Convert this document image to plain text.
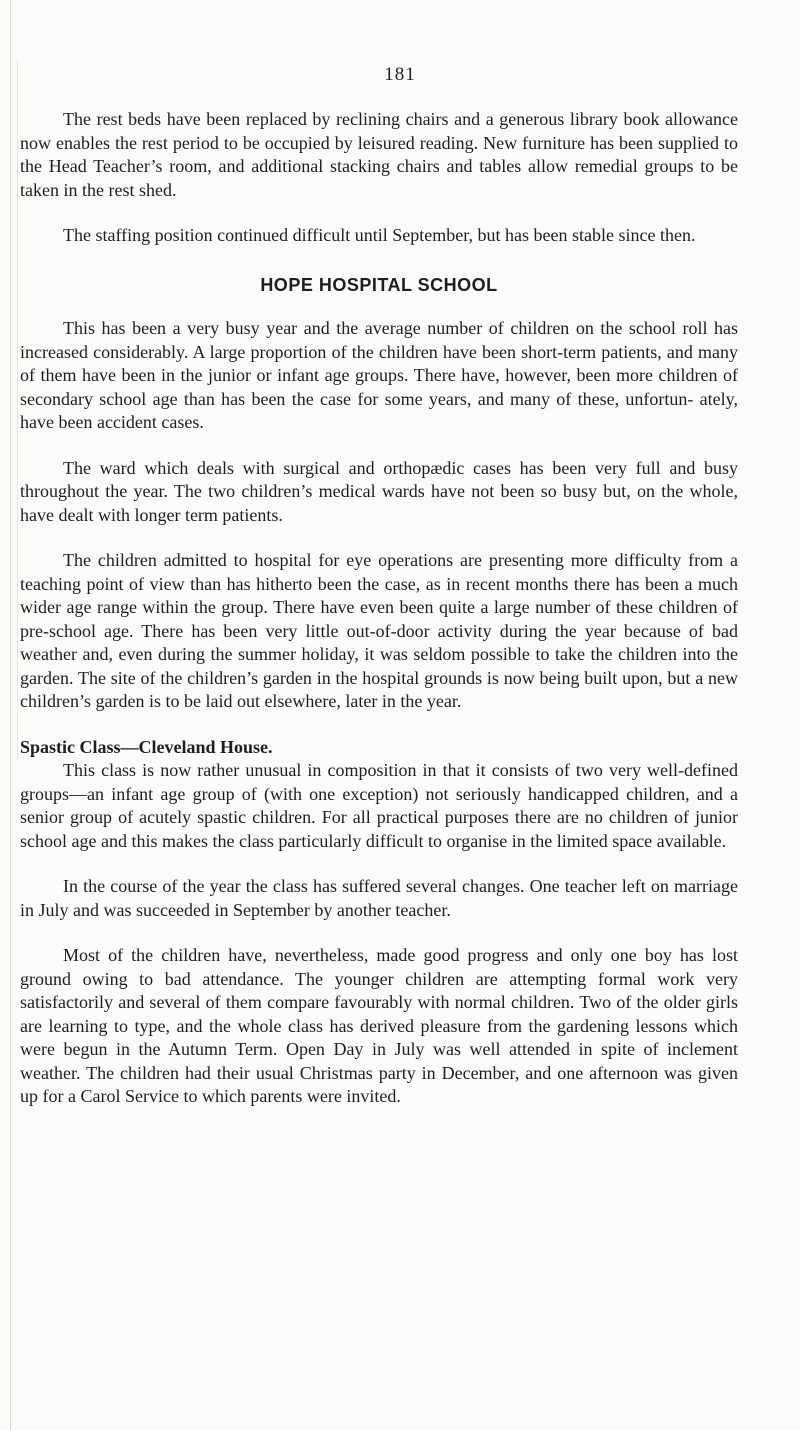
181

The rest beds have been replaced by reclining chairs and a generous library book allowance now enables the rest period to be occupied by leisured reading. New furniture has been supplied to the Head Teacher’s room, and additional stacking chairs and tables allow remedial groups to be taken in the rest shed.

The staffing position continued difficult until September, but has been stable since then.

HOPE HOSPITAL SCHOOL

This has been a very busy year and the average number of children on the school roll has increased considerably. A large proportion of the children have been short-term patients, and many of them have been in the junior or infant age groups. There have, however, been more children of secondary school age than has been the case for some years, and many of these, unfortun- ately, have been accident cases.

The ward which deals with surgical and orthopædic cases has been very full and busy throughout the year. The two children’s medical wards have not been so busy but, on the whole, have dealt with longer term patients.

The children admitted to hospital for eye operations are presenting more difficulty from a teaching point of view than has hitherto been the case, as in recent months there has been a much wider age range within the group. There have even been quite a large number of these children of pre-school age. There has been very little out-of-door activity during the year because of bad weather and, even during the summer holiday, it was seldom possible to take the children into the garden. The site of the children’s garden in the hospital grounds is now being built upon, but a new children’s garden is to be laid out elsewhere, later in the year.

Spastic Class—Cleveland House.

This class is now rather unusual in composition in that it consists of two very well-defined groups—an infant age group of (with one exception) not seriously handicapped children, and a senior group of acutely spastic children. For all practical purposes there are no children of junior school age and this makes the class particularly difficult to organise in the limited space available.

In the course of the year the class has suffered several changes. One teacher left on marriage in July and was succeeded in September by another teacher.

Most of the children have, nevertheless, made good progress and only one boy has lost ground owing to bad attendance. The younger children are attempting formal work very satisfactorily and several of them compare favourably with normal children. Two of the older girls are learning to type, and the whole class has derived pleasure from the gardening lessons which were begun in the Autumn Term. Open Day in July was well attended in spite of inclement weather. The children had their usual Christmas party in December, and one afternoon was given up for a Carol Service to which parents were invited.
